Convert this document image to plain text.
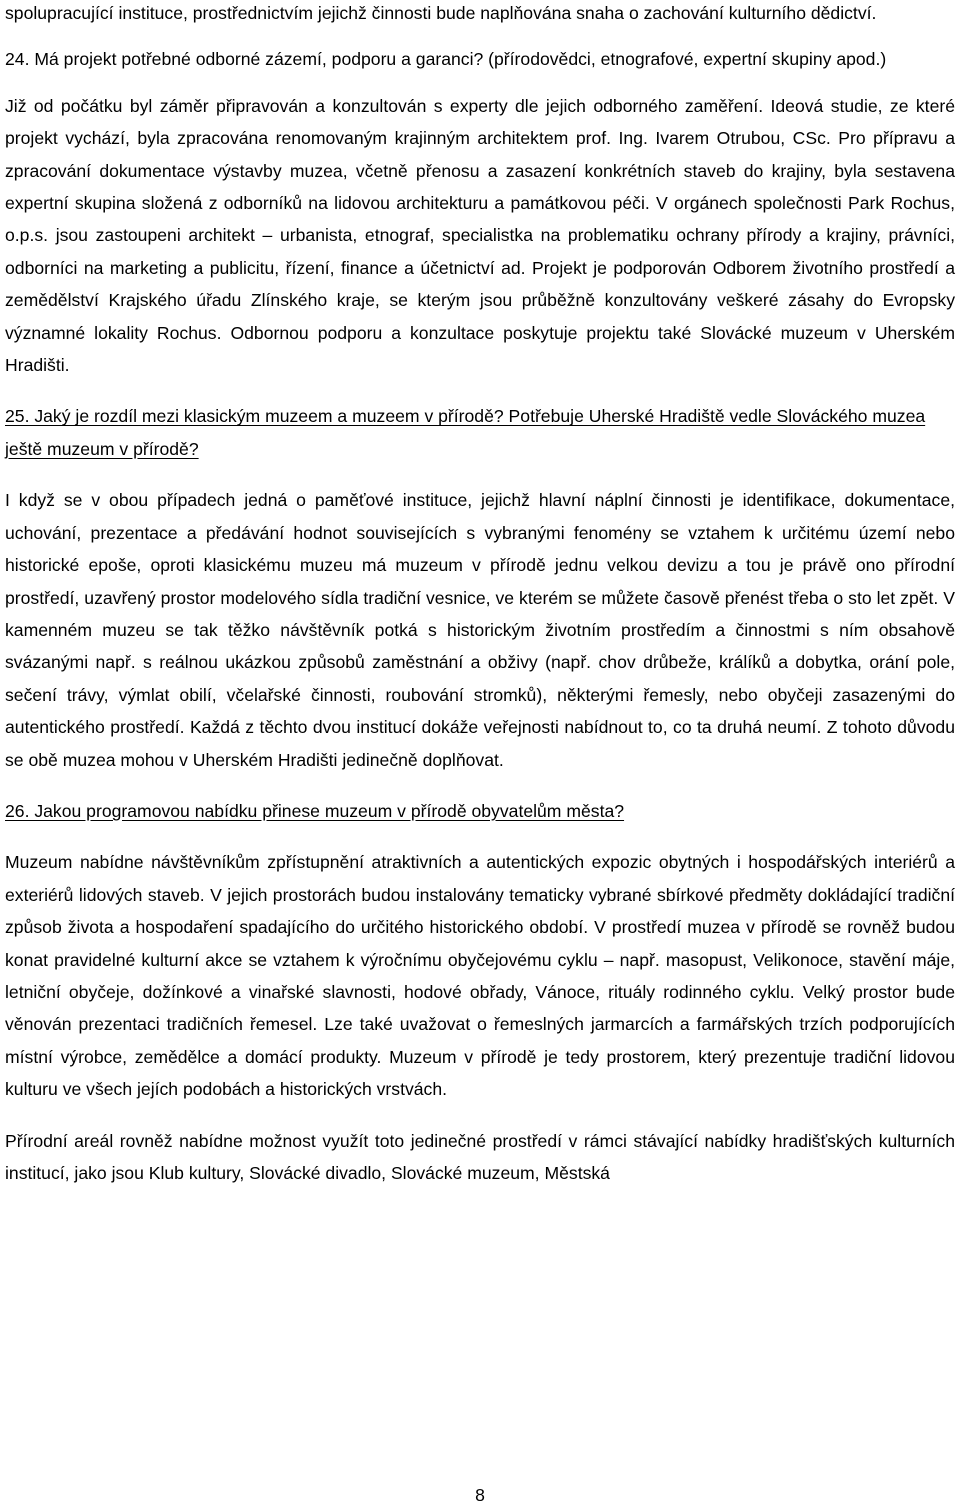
spolupracující instituce, prostřednictvím jejichž činnosti bude naplňována snaha o zachování kulturního dědictví.

24. Má projekt potřebné odborné zázemí, podporu a garanci? (přírodovědci, etnografové, expertní skupiny apod.)

Již od počátku byl záměr připravován a konzultován s experty dle jejich odborného zaměření. Ideová studie, ze které projekt vychází, byla zpracována renomovaným krajinným architektem prof. Ing. Ivarem Otrubou, CSc. Pro přípravu a zpracování dokumentace výstavby muzea, včetně přenosu a zasazení konkrétních staveb do krajiny, byla sestavena expertní skupina složená z odborníků na lidovou architekturu a památkovou péči. V orgánech společnosti Park Rochus, o.p.s. jsou zastoupeni architekt – urbanista, etnograf, specialistka na problematiku ochrany přírody a krajiny, právníci, odborníci na marketing a publicitu, řízení, finance a účetnictví ad. Projekt je podporován Odborem životního prostředí a zemědělství Krajského úřadu Zlínského kraje, se kterým jsou průběžně konzultovány veškeré zásahy do Evropsky významné lokality Rochus. Odbornou podporu a konzultace poskytuje projektu také Slovácké muzeum v Uherském Hradišti.

25. Jaký je rozdíl mezi klasickým muzeem a muzeem v přírodě? Potřebuje Uherské Hradiště vedle Slováckého muzea ještě muzeum v přírodě?

I když se v obou případech jedná o paměťové instituce, jejichž hlavní náplní činnosti je identifikace, dokumentace, uchování, prezentace a předávání hodnot souvisejících s vybranými fenomény se vztahem k určitému území nebo historické epoše, oproti klasickému muzeu má muzeum v přírodě jednu velkou devizu a tou je právě ono přírodní prostředí, uzavřený prostor modelového sídla tradiční vesnice, ve kterém se můžete časově přenést třeba o sto let zpět. V kamenném muzeu se tak těžko návštěvník potká s historickým životním prostředím a činnostmi s ním obsahově svázanými např. s reálnou ukázkou způsobů zaměstnání a obživy (např. chov drůbeže, králíků a dobytka, orání pole, sečení trávy, výmlat obilí, včelařské činnosti, roubování stromků), některými řemesly, nebo obyčeji zasazenými do autentického prostředí. Každá z těchto dvou institucí dokáže veřejnosti nabídnout to, co ta druhá neumí. Z tohoto důvodu se obě muzea mohou v Uherském Hradišti jedinečně doplňovat.

26. Jakou programovou nabídku přinese muzeum v přírodě obyvatelům města?

Muzeum nabídne návštěvníkům zpřístupnění atraktivních a autentických expozic obytných i hospodářských interiérů a exteriérů lidových staveb. V jejich prostorách budou instalovány tematicky vybrané sbírkové předměty dokládající tradiční způsob života a hospodaření spadajícího do určitého historického období. V prostředí muzea v přírodě se rovněž budou konat pravidelné kulturní akce se vztahem k výročnímu obyčejovému cyklu – např. masopust, Velikonoce, stavění máje, letniční obyčeje, dožínkové a vinařské slavnosti, hodové obřady, Vánoce, rituály rodinného cyklu. Velký prostor bude věnován prezentaci tradičních řemesel. Lze také uvažovat o řemeslných jarmarcích a farmářských trzích podporujících místní výrobce, zemědělce a domácí produkty. Muzeum v přírodě je tedy prostorem, který prezentuje tradiční lidovou kulturu ve všech jejích podobách a historických vrstvách.

Přírodní areál rovněž nabídne možnost využít toto jedinečné prostředí v rámci stávající nabídky hradišťských kulturních institucí, jako jsou Klub kultury, Slovácké divadlo, Slovácké muzeum, Městská

8
